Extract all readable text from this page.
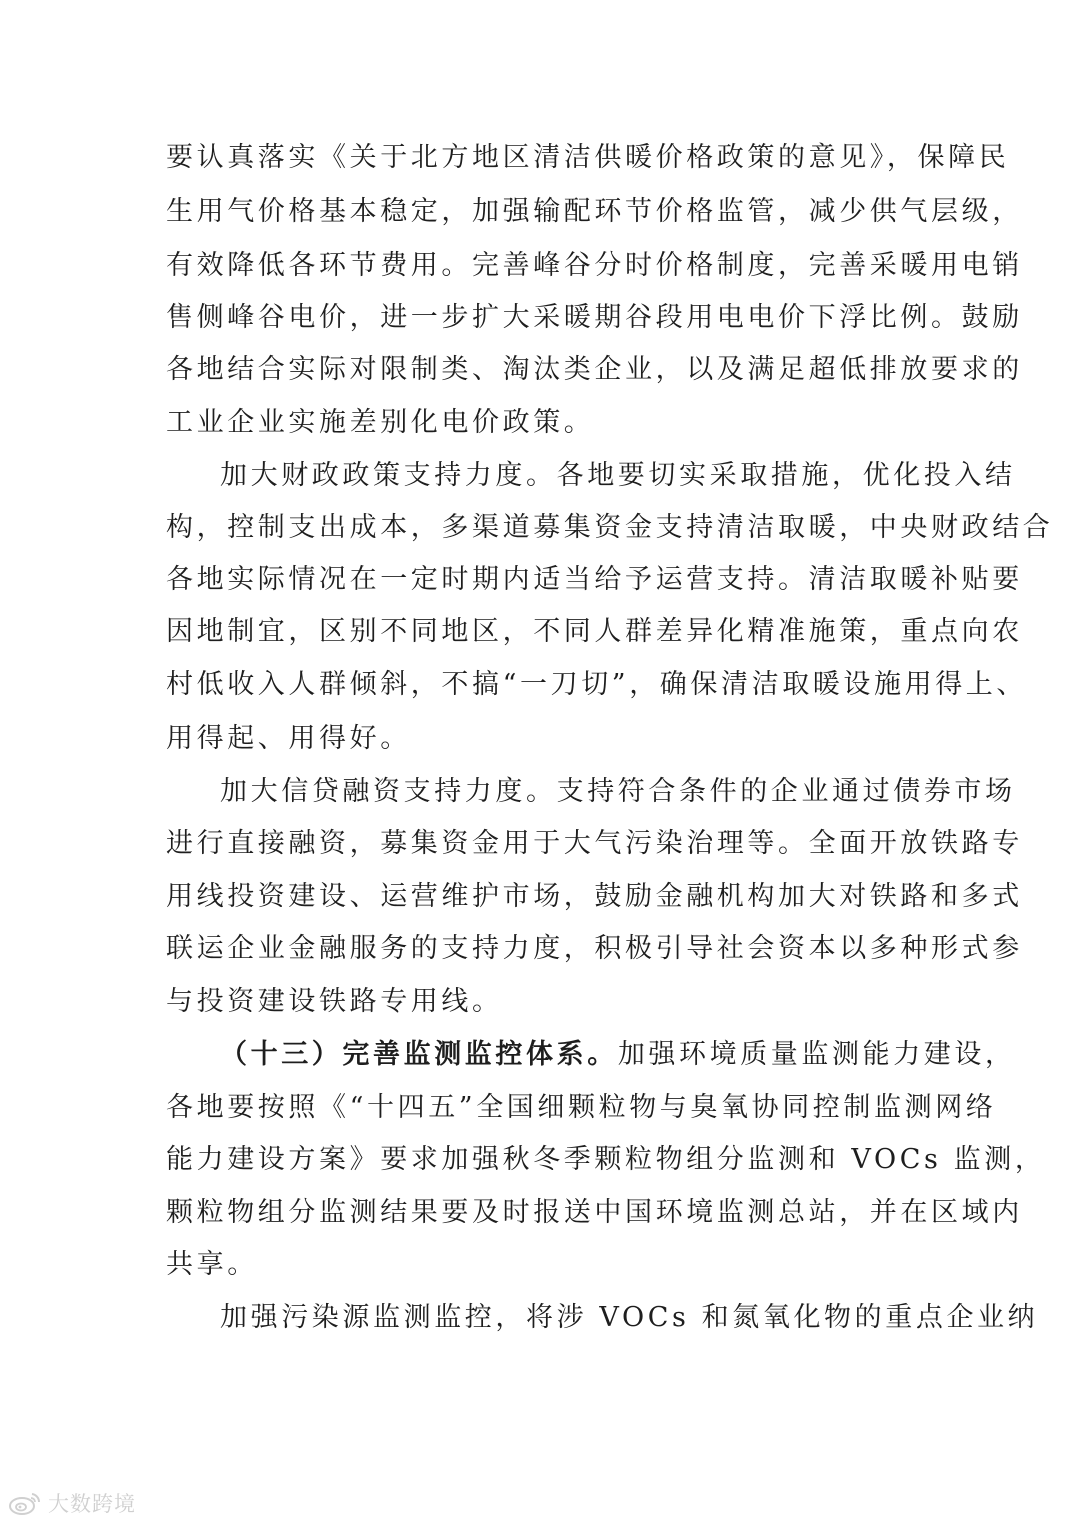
要认真落实《关于北方地区清洁供暖价格政策的意见》，保障民
生用气价格基本稳定，加强输配环节价格监管，减少供气层级，
有效降低各环节费用。完善峰谷分时价格制度，完善采暖用电销
售侧峰谷电价，进一步扩大采暖期谷段用电电价下浮比例。鼓励
各地结合实际对限制类、淘汰类企业，以及满足超低排放要求的
工业企业实施差别化电价政策。
加大财政政策支持力度。各地要切实采取措施，优化投入结
构，控制支出成本，多渠道募集资金支持清洁取暖，中央财政结合
各地实际情况在一定时期内适当给予运营支持。清洁取暖补贴要
因地制宜，区别不同地区，不同人群差异化精准施策，重点向农
村低收入人群倾斜，不搞“一刀切”，确保清洁取暖设施用得上、
用得起、用得好。
加大信贷融资支持力度。支持符合条件的企业通过债券市场
进行直接融资，募集资金用于大气污染治理等。全面开放铁路专
用线投资建设、运营维护市场，鼓励金融机构加大对铁路和多式
联运企业金融服务的支持力度，积极引导社会资本以多种形式参
与投资建设铁路专用线。
（十三）完善监测监控体系。加强环境质量监测能力建设，
各地要按照《“十四五”全国细颗粒物与臭氧协同控制监测网络
能力建设方案》要求加强秋冬季颗粒物组分监测和 VOCs 监测，
颗粒物组分监测结果要及时报送中国环境监测总站，并在区域内
共享。
加强污染源监测监控，将涉 VOCs 和氮氧化物的重点企业纳
大数跨境
